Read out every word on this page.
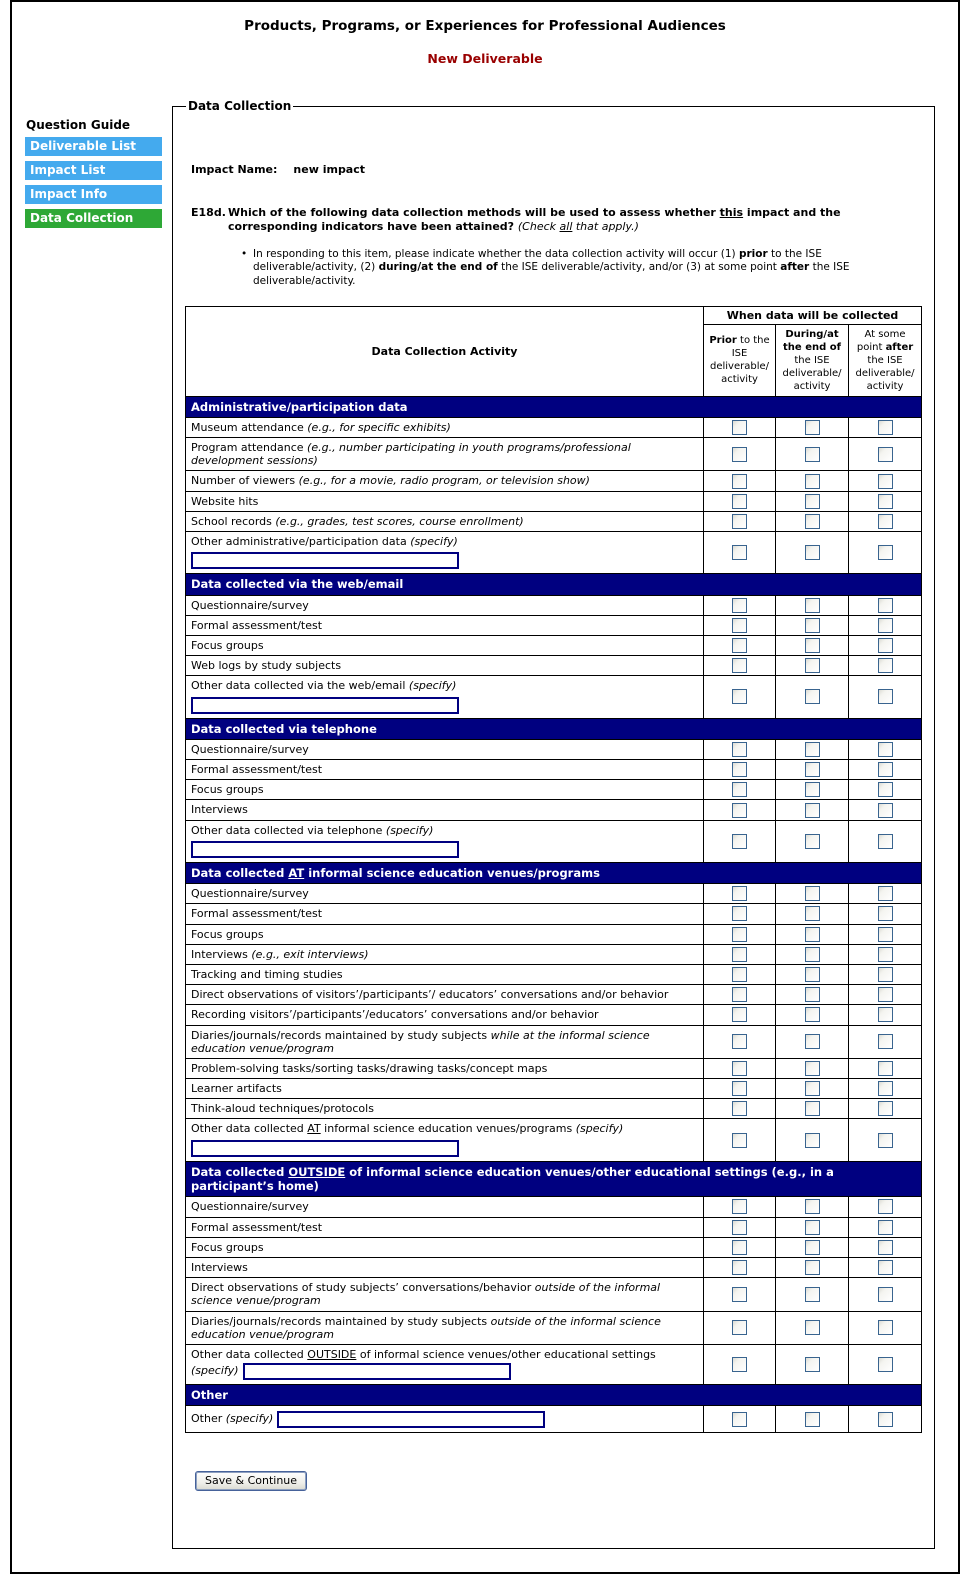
Products, Programs, or Experiences for Professional Audiences
New Deliverable
Question Guide
Deliverable List
Impact List
Impact Info
Data Collection
Data Collection
Impact Name: new impact
E18d. Which of the following data collection methods will be used to assess whether this impact and the corresponding indicators have been attained? (Check all that apply.)
• In responding to this item, please indicate whether the data collection activity will occur (1) prior to the ISE deliverable/activity, (2) during/at the end of the ISE deliverable/activity, and/or (3) at some point after the ISE deliverable/activity.
Data Collection Activity	When data will be collected		
	Prior to the ISE deliverable/​activity	During/​at the end of the ISE deliverable/​activity	At some point after the ISE deliverable/​activity
Administrative/participation data			
Museum attendance (e.g., for specific exhibits)			
Program attendance (e.g., number participating in youth programs/professional development sessions)			
Number of viewers (e.g., for a movie, radio program, or television show)			
Website hits			
School records (e.g., grades, test scores, course enrollment)			
Other administrative/participation data (specify)

Data collected via the web/email			
Questionnaire/survey			
Formal assessment/test			
Focus groups			
Web logs by study subjects			
Other data collected via the web/email (specify)

Data collected via telephone			
Questionnaire/survey			
Formal assessment/test			
Focus groups			
Interviews			
Other data collected via telephone (specify)

Data collected AT informal science education venues/programs			
Questionnaire/survey			
Formal assessment/test			
Focus groups			
Interviews (e.g., exit interviews)			
Tracking and timing studies			
Direct observations of visitors’/participants’/ educators’ conversations and/or behavior			
Recording visitors’/participants’/educators’ conversations and/or behavior			
Diaries/journals/records maintained by study subjects while at the informal science education venue/program			
Problem-solving tasks/sorting tasks/drawing tasks/concept maps			
Learner artifacts			
Think-aloud techniques/protocols			
Other data collected AT informal science education venues/programs (specify)

Data collected OUTSIDE of informal science education venues/other educational settings (e.g., in a participant’s home)			
Questionnaire/survey			
Formal assessment/test			
Focus groups			
Interviews			
Direct observations of study subjects’ conversations/behavior outside of the informal science venue/program			
Diaries/journals/records maintained by study subjects outside of the informal science education venue/program			
Other data collected OUTSIDE of informal science venues/other educational settings (specify)			
Other			
Other (specify)			
Save & Continue
